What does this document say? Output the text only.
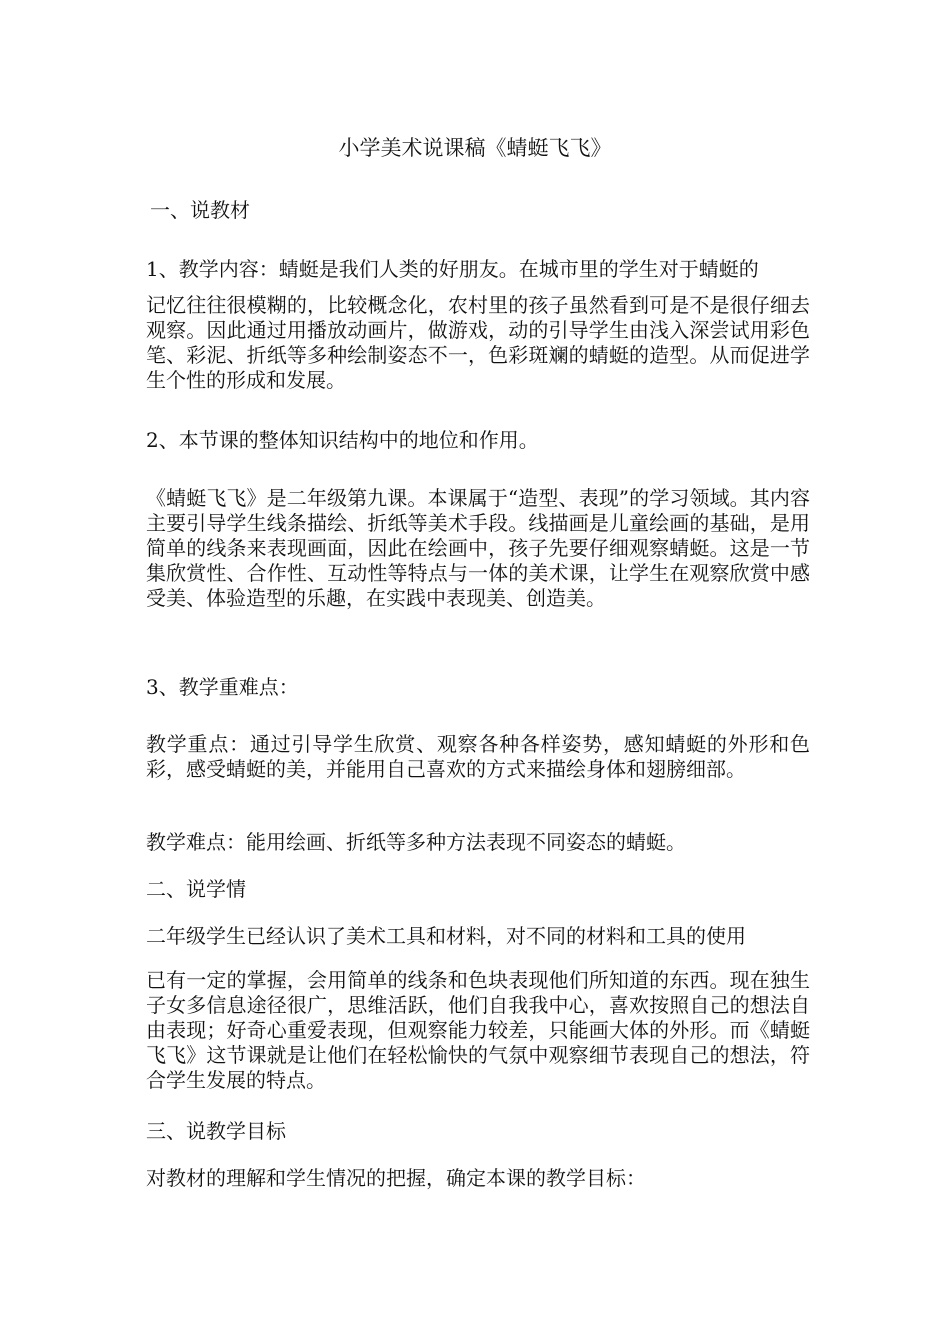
小学美术说课稿《蜻蜓飞飞》
一、说教材
1、教学内容：蜻蜓是我们人类的好朋友。在城市里的学生对于蜻蜓的
记忆往往很模糊的，比较概念化，农村里的孩子虽然看到可是不是很仔细去观察。因此通过用播放动画片，做游戏，动的引导学生由浅入深尝试用彩色笔、彩泥、折纸等多种绘制姿态不一，色彩斑斓的蜻蜓的造型。从而促进学生个性的形成和发展。
2、本节课的整体知识结构中的地位和作用。
《蜻蜓飞飞》是二年级第九课。本课属于“造型、表现”的学习领域。其内容主要引导学生线条描绘、折纸等美术手段。线描画是儿童绘画的基础，是用简单的线条来表现画面，因此在绘画中，孩子先要仔细观察蜻蜓。这是一节集欣赏性、合作性、互动性等特点与一体的美术课，让学生在观察欣赏中感受美、体验造型的乐趣，在实践中表现美、创造美。
3、教学重难点：
教学重点：通过引导学生欣赏、观察各种各样姿势，感知蜻蜓的外形和色彩，感受蜻蜓的美，并能用自己喜欢的方式来描绘身体和翅膀细部。
教学难点：能用绘画、折纸等多种方法表现不同姿态的蜻蜓。
二、说学情
二年级学生已经认识了美术工具和材料，对不同的材料和工具的使用
已有一定的掌握，会用简单的线条和色块表现他们所知道的东西。现在独生子女多信息途径很广，思维活跃，他们自我我中心，喜欢按照自己的想法自由表现；好奇心重爱表现，但观察能力较差，只能画大体的外形。而《蜻蜓飞飞》这节课就是让他们在轻松愉快的气氛中观察细节表现自己的想法，符合学生发展的特点。
三、说教学目标
对教材的理解和学生情况的把握，确定本课的教学目标：
